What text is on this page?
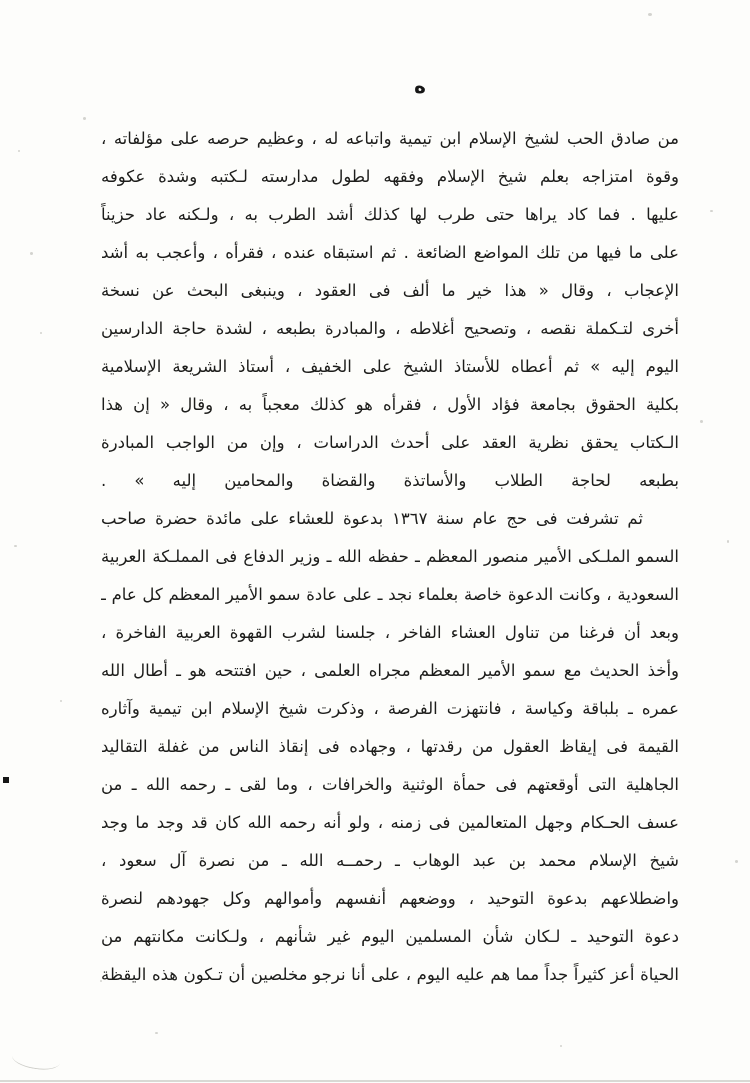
ه
من صادق الحب لشيخ الإسلام ابن تيمية واتباعه له ، وعظيم حرصه على مؤلفاته ،
وقوة امتزاجه بعلم شيخ الإسلام وفقهه لطول مدارسته لـكتبه وشدة عكوفه
عليها . فما كاد يراها حتى طرب لها كذلك أشد الطرب به ، ولـكنه عاد حزيناً
على ما فيها من تلك المواضع الضائعة . ثم استبقاه عنده ، فقرأه ، وأعجب به أشد
الإعجاب ، وقال « هذا خير ما ألف فى العقود ، وينبغى البحث عن نسخة
أخرى لتـكملة نقصه ، وتصحيح أغلاطه ، والمبادرة بطبعه ، لشدة حاجة الدارسين
اليوم إليه » ثم أعطاه للأستاذ الشيخ على الخفيف ، أستاذ الشريعة الإسلامية
بكلية الحقوق بجامعة فؤاد الأول ، فقرأه هو كذلك معجباً به ، وقال « إن هذا
الـكتاب يحقق نظرية العقد على أحدث الدراسات ، وإن من الواجب المبادرة
بطبعه لحاجة الطلاب والأساتذة والقضاة والمحامين إليه » .
ثم تشرفت فى حج عام سنة ١٣٦٧ بدعوة للعشاء على مائدة حضرة صاحب
السمو الملـكى الأمير منصور المعظم ـ حفظه الله ـ وزير الدفاع فى المملـكة العربية
السعودية ، وكانت الدعوة خاصة بعلماء نجد ـ على عادة سمو الأمير المعظم كل عام ـ
وبعد أن فرغنا من تناول العشاء الفاخر ، جلسنا لشرب القهوة العربية الفاخرة ،
وأخذ الحديث مع سمو الأمير المعظم مجراه العلمى ، حين افتتحه هو ـ أطال الله
عمره ـ بلباقة وكياسة ، فانتهزت الفرصة ، وذكرت شيخ الإسلام ابن تيمية وآثاره
القيمة فى إيقاظ العقول من رقدتها ، وجهاده فى إنقاذ الناس من غفلة التقاليد
الجاهلية التى أوقعتهم فى حمأة الوثنية والخرافات ، وما لقى ـ رحمه الله ـ من
عسف الحـكام وجهل المتعالمين فى زمنه ، ولو أنه رحمه الله كان قد وجد ما وجد
شيخ الإسلام محمد بن عبد الوهاب ـ رحمــه الله ـ من نصرة آل سعود ،
واضطلاعهم بدعوة التوحيد ، ووضعهم أنفسهم وأموالهم وكل جهودهم لنصرة
دعوة التوحيد ـ لـكان شأن المسلمين اليوم غير شأنهم ، ولـكانت مكانتهم من
الحياة أعز كثيراً جداً مما هم عليه اليوم ، على أنا نرجو مخلصين أن تـكون هذه اليقظة
